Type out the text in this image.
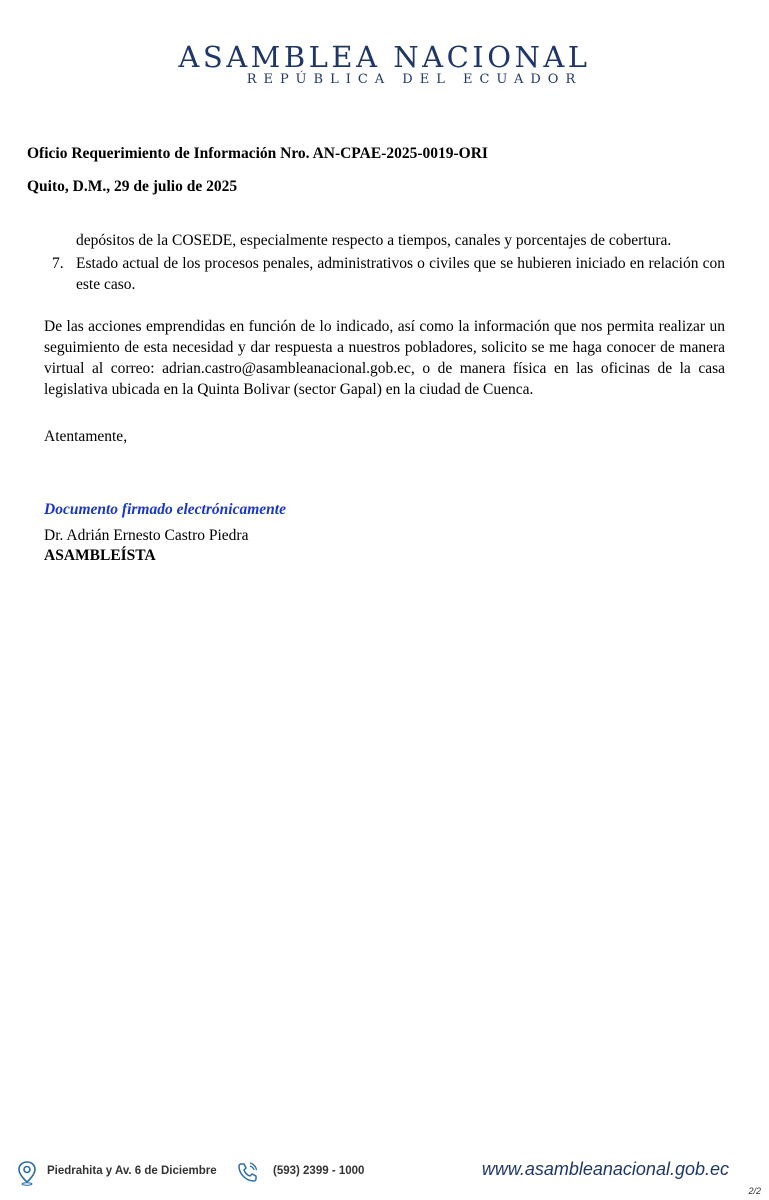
ASAMBLEA NACIONAL
REPÚBLICA DEL ECUADOR
Oficio Requerimiento de Información Nro. AN-CPAE-2025-0019-ORI
Quito, D.M., 29 de julio de 2025

depósitos de la COSEDE, especialmente respecto a tiempos, canales y porcentajes de cobertura.

7. Estado actual de los procesos penales, administrativos o civiles que se hubieren iniciado en relación con este caso.

De las acciones emprendidas en función de lo indicado, así como la información que nos permita realizar un seguimiento de esta necesidad y dar respuesta a nuestros pobladores, solicito se me haga conocer de manera virtual al correo: adrian.castro@asambleanacional.gob.ec, o de manera física en las oficinas de la casa legislativa ubicada en la Quinta Bolivar (sector Gapal) en la ciudad de Cuenca.

Atentamente,

Documento firmado electrónicamente

Dr. Adrián Ernesto Castro Piedra
ASAMBLEÍSTA
Piedrahita y Av. 6 de Diciembre	(593) 2399 - 1000	www.asambleanacional.gob.ec
2/2
